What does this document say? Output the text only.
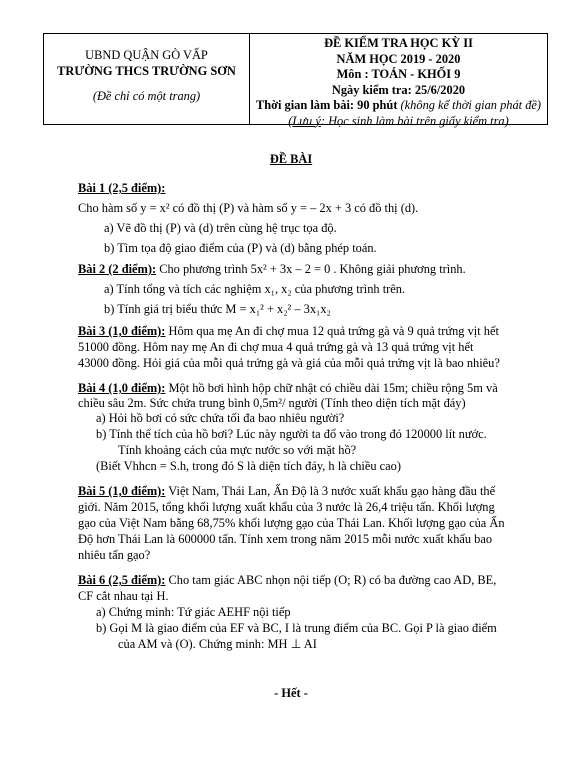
UBND QUẬN GÒ VẤP
TRƯỜNG THCS TRƯỜNG SƠN
(Đề chỉ có một trang)
ĐỀ KIỂM TRA HỌC KỲ II
NĂM HỌC 2019 - 2020
Môn : TOÁN - KHỐI 9
Ngày kiểm tra: 25/6/2020
Thời gian làm bài: 90 phút (không kể thời gian phát đề)
(Lưu ý: Học sinh làm bài trên giấy kiểm tra)
ĐỀ BÀI
Bài 1 (2,5 điểm):
Cho hàm số y = x² có đồ thị (P) và hàm số y = – 2x + 3 có đồ thị (d).
a) Vẽ đồ thị (P) và (d) trên cùng hệ trục tọa độ.
b) Tìm tọa độ giao điểm của (P) và (d) bằng phép toán.
Bài 2 (2 điểm): Cho phương trình 5x² + 3x – 2 = 0 . Không giải phương trình.
a) Tính tổng và tích các nghiệm x₁, x₂ của phương trình trên.
b) Tính giá trị biểu thức M = x₁² + x₂² – 3x₁x₂
Bài 3 (1,0 điểm): Hôm qua mẹ An đi chợ mua 12 quả trứng gà và 9 quả trứng vịt hết
51000 đồng. Hôm nay mẹ An đi chợ mua 4 quả trứng gà và 13 quả trứng vịt hết
43000 đồng. Hỏi giá của mỗi quả trứng gà và giá của mỗi quả trứng vịt là bao nhiêu?
Bài 4 (1,0 điểm): Một hồ bơi hình hộp chữ nhật có chiều dài 15m; chiều rộng 5m và
chiều sâu 2m. Sức chứa trung bình 0,5m²/ người (Tính theo diện tích mặt đáy)
a) Hỏi hồ bơi có sức chứa tối đa bao nhiêu người?
b) Tính thể tích của hồ bơi? Lúc này người ta đổ vào trong đó 120000 lít nước.
Tính khoảng cách của mực nước so với mặt hồ?
(Biết Vhhcn = S.h, trong đó S là diện tích đáy, h là chiều cao)
Bài 5 (1,0 điểm): Việt Nam, Thái Lan, Ấn Độ là 3 nước xuất khẩu gạo hàng đầu thế
giới. Năm 2015, tổng khối lượng xuất khẩu của 3 nước là 26,4 triệu tấn. Khối lượng
gạo của Việt Nam bằng 68,75% khối lượng gạo của Thái Lan. Khối lượng gạo của Ấn
Độ hơn Thái Lan là 600000 tấn. Tính xem trong năm 2015 mỗi nước xuất khẩu bao
nhiêu tấn gạo?
Bài 6 (2,5 điểm): Cho tam giác ABC nhọn nội tiếp (O; R) có ba đường cao AD, BE,
CF cắt nhau tại H.
a) Chứng minh: Tứ giác AEHF nội tiếp
b) Gọi M là giao điểm của EF và BC, I là trung điểm của BC. Gọi P là giao điểm
của AM và (O). Chứng minh: MH ⊥ AI
- Hết -
